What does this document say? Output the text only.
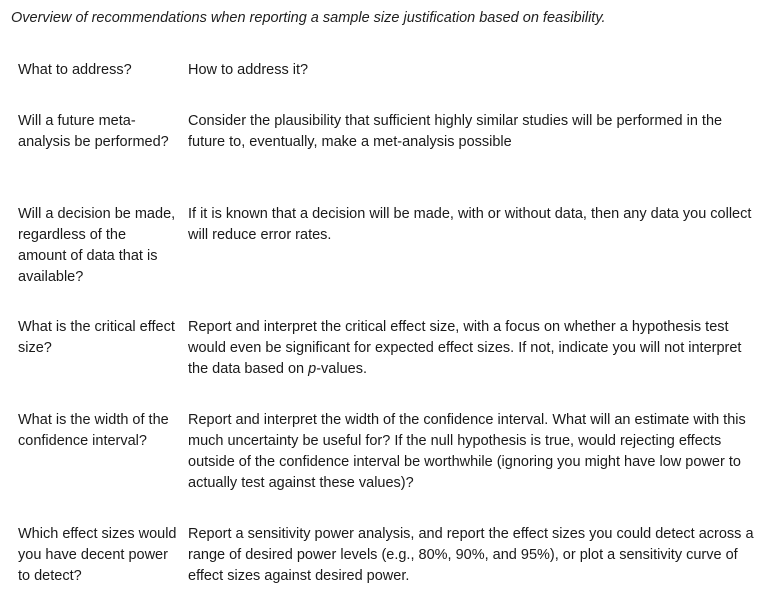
Overview of recommendations when reporting a sample size justification based on feasibility.
What to address?	How to address it?
Will a future meta-analysis be performed?
Consider the plausibility that sufficient highly similar studies will be performed in the future to, eventually, make a met-analysis possible
Will a decision be made, regardless of the amount of data that is available?
If it is known that a decision will be made, with or without data, then any data you collect will reduce error rates.
What is the critical effect size?
Report and interpret the critical effect size, with a focus on whether a hypothesis test would even be significant for expected effect sizes. If not, indicate you will not interpret the data based on p-values.
What is the width of the confidence interval?
Report and interpret the width of the confidence interval. What will an estimate with this much uncertainty be useful for? If the null hypothesis is true, would rejecting effects outside of the confidence interval be worthwhile (ignoring you might have low power to actually test against these values)?
Which effect sizes would you have decent power to detect?
Report a sensitivity power analysis, and report the effect sizes you could detect across a range of desired power levels (e.g., 80%, 90%, and 95%), or plot a sensitivity curve of effect sizes against desired power.
